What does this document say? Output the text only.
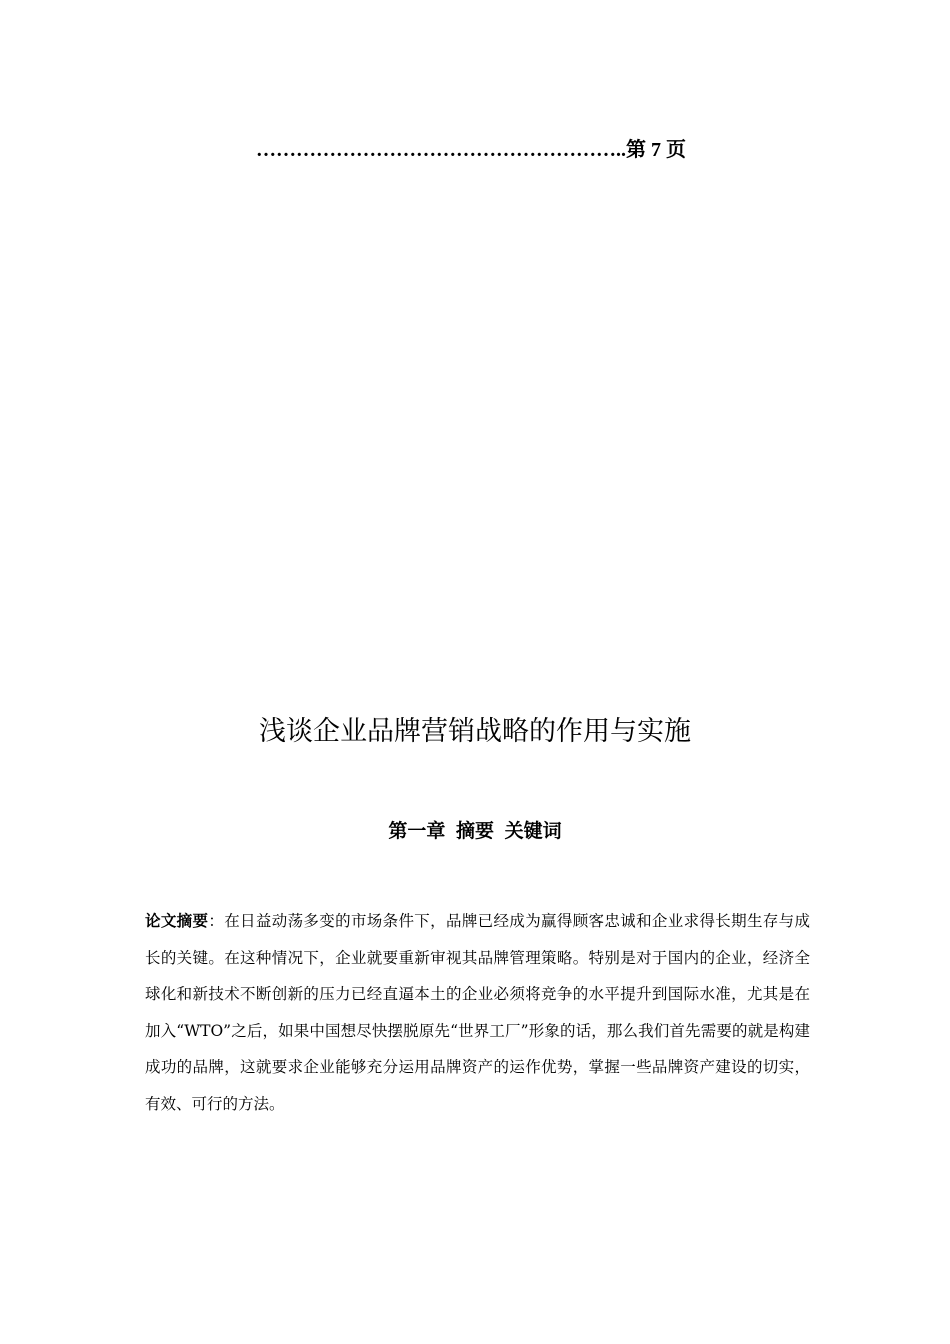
………………………………………………..第 7 页
浅谈企业品牌营销战略的作用与实施
第一章 摘要 关键词

论文摘要：在日益动荡多变的市场条件下，品牌已经成为赢得顾客忠诚和企业求得长期生存与成长的关键。在这种情况下，企业就要重新审视其品牌管理策略。特别是对于国内的企业，经济全球化和新技术不断创新的压力已经直逼本土的企业必须将竞争的水平提升到国际水准，尤其是在加入“WTO”之后，如果中国想尽快摆脱原先“世界工厂”形象的话，那么我们首先需要的就是构建成功的品牌，这就要求企业能够充分运用品牌资产的运作优势，掌握一些品牌资产建设的切实，有效、可行的方法。
